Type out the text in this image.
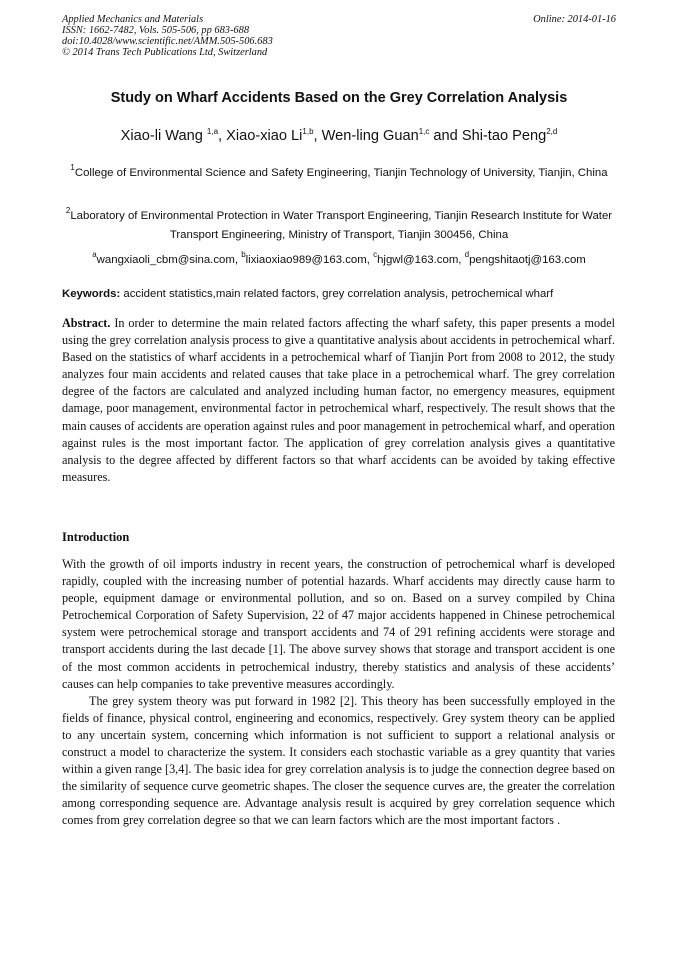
Applied Mechanics and Materials
ISSN: 1662-7482, Vols. 505-506, pp 683-688
doi:10.4028/www.scientific.net/AMM.505-506.683
© 2014 Trans Tech Publications Ltd, Switzerland
Online: 2014-01-16
Study on Wharf Accidents Based on the Grey Correlation Analysis
Xiao-li Wang $^{1,a}$, Xiao-xiao Li$^{1,b}$, Wen-ling Guan$^{1,c}$ and Shi-tao Peng$^{2,d}$
$^1$College of Environmental Science and Safety Engineering, Tianjin Technology of University, Tianjin, China
$^2$Laboratory of Environmental Protection in Water Transport Engineering, Tianjin Research Institute for Water Transport Engineering, Ministry of Transport, Tianjin 300456, China
$^a$wangxiaoli_cbm@sina.com, $^b$lixiaoxiao989@163.com, $^c$hjgwl@163.com, $^d$pengshitaotj@163.com
Keywords: accident statistics,main related factors, grey correlation analysis, petrochemical wharf

Abstract. In order to determine the main related factors affecting the wharf safety, this paper presents a model using the grey correlation analysis process to give a quantitative analysis about accidents in petrochemical wharf. Based on the statistics of wharf accidents in a petrochemical wharf of Tianjin Port from 2008 to 2012, the study analyzes four main accidents and related causes that take place in a petrochemical wharf. The grey correlation degree of the factors are calculated and analyzed including human factor, no emergency measures, equipment damage, poor management, environmental factor in petrochemical wharf, respectively. The result shows that the main causes of accidents are operation against rules and poor management in petrochemical wharf, and operation against rules is the most important factor. The application of grey correlation analysis gives a quantitative analysis to the degree affected by different factors so that wharf accidents can be avoided by taking effective measures.

Introduction

With the growth of oil imports industry in recent years, the construction of petrochemical wharf is developed rapidly, coupled with the increasing number of potential hazards. Wharf accidents may directly cause harm to people, equipment damage or environmental pollution, and so on. Based on a survey compiled by China Petrochemical Corporation of Safety Supervision, 22 of 47 major accidents happened in Chinese petrochemical system were petrochemical storage and transport accidents and 74 of 291 refining accidents were storage and transport accidents during the last decade [1]. The above survey shows that storage and transport accident is one of the most common accidents in petrochemical industry, thereby statistics and analysis of these accidents’ causes can help companies to take preventive measures accordingly.

The grey system theory was put forward in 1982 [2]. This theory has been successfully employed in the fields of finance, physical control, engineering and economics, respectively. Grey system theory can be applied to any uncertain system, concerning which information is not sufficient to support a relational analysis or construct a model to characterize the system. It considers each stochastic variable as a grey quantity that varies within a given range [3,4]. The basic idea for grey correlation analysis is to judge the connection degree based on the similarity of sequence curve geometric shapes. The closer the sequence curves are, the greater the correlation among corresponding sequence are. Advantage analysis result is acquired by grey correlation sequence which comes from grey correlation degree so that we can learn factors which are the most important factors .
